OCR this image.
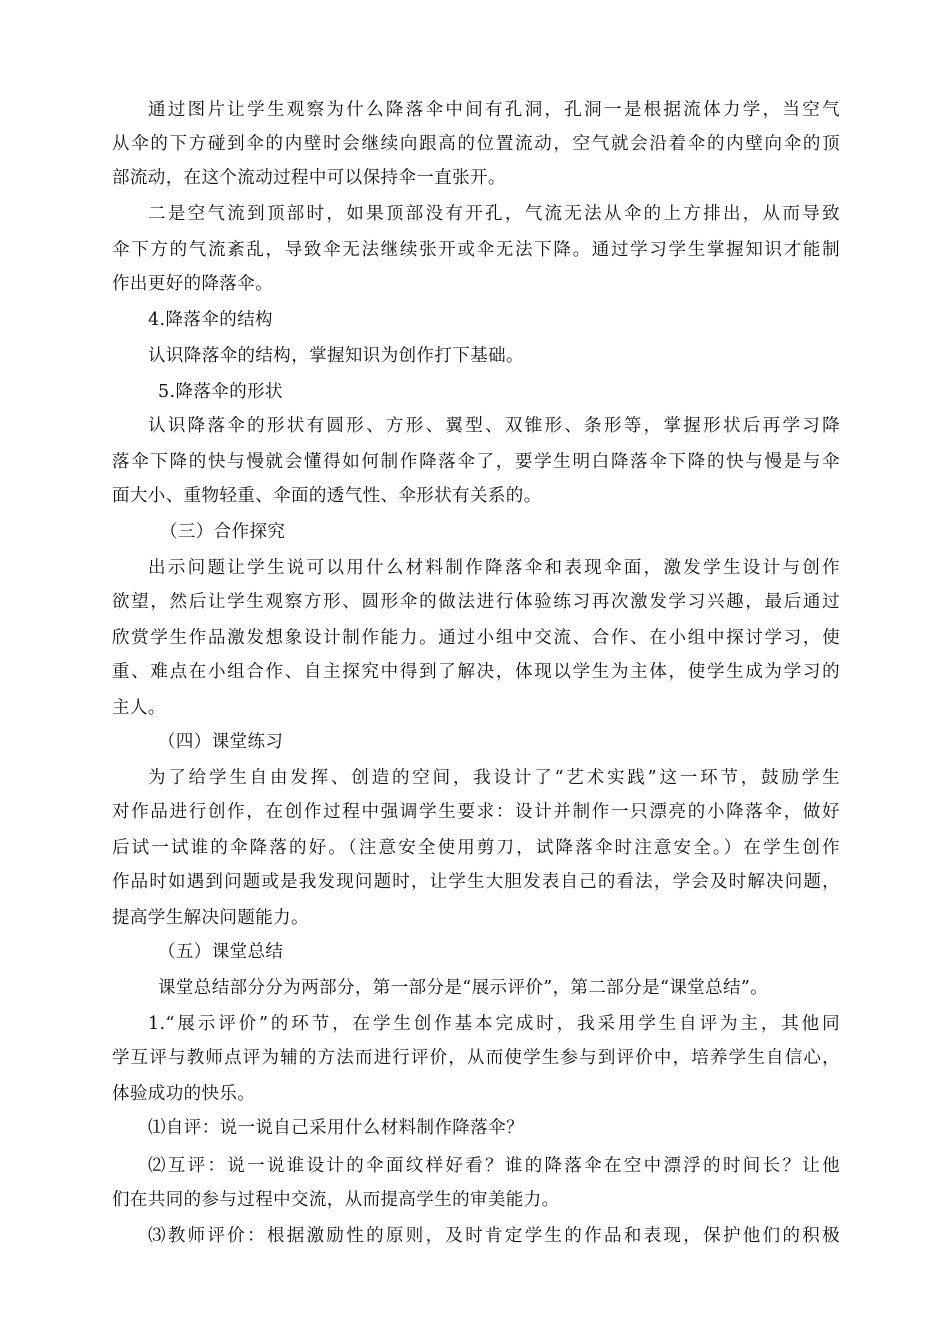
通过图片让学生观察为什么降落伞中间有孔洞，孔洞一是根据流体力学，当空气
从伞的下方碰到伞的内壁时会继续向跟高的位置流动，空气就会沿着伞的内壁向伞的顶
部流动，在这个流动过程中可以保持伞一直张开。
二是空气流到顶部时，如果顶部没有开孔，气流无法从伞的上方排出，从而导致
伞下方的气流紊乱，导致伞无法继续张开或伞无法下降。通过学习学生掌握知识才能制
作出更好的降落伞。
4.降落伞的结构
认识降落伞的结构，掌握知识为创作打下基础。
5.降落伞的形状
认识降落伞的形状有圆形、方形、翼型、双锥形、条形等，掌握形状后再学习降
落伞下降的快与慢就会懂得如何制作降落伞了，要学生明白降落伞下降的快与慢是与伞
面大小、重物轻重、伞面的透气性、伞形状有关系的。
（三）合作探究
出示问题让学生说可以用什么材料制作降落伞和表现伞面，激发学生设计与创作
欲望，然后让学生观察方形、圆形伞的做法进行体验练习再次激发学习兴趣，最后通过
欣赏学生作品激发想象设计制作能力。通过小组中交流、合作、在小组中探讨学习，使
重、难点在小组合作、自主探究中得到了解决，体现以学生为主体，使学生成为学习的
主人。
（四）课堂练习
为了给学生自由发挥、创造的空间，我设计了“艺术实践”这一环节，鼓励学生
对作品进行创作，在创作过程中强调学生要求：设计并制作一只漂亮的小降落伞，做好
后试一试谁的伞降落的好。（注意安全使用剪刀，试降落伞时注意安全。）在学生创作
作品时如遇到问题或是我发现问题时，让学生大胆发表自己的看法，学会及时解决问题，
提高学生解决问题能力。
（五）课堂总结
课堂总结部分分为两部分，第一部分是“展示评价”，第二部分是“课堂总结”。
1.“展示评价”的环节，在学生创作基本完成时，我采用学生自评为主，其他同
学互评与教师点评为辅的方法而进行评价，从而使学生参与到评价中，培养学生自信心，
体验成功的快乐。
⑴自评：说一说自己采用什么材料制作降落伞？
⑵互评：说一说谁设计的伞面纹样好看？谁的降落伞在空中漂浮的时间长？让他
们在共同的参与过程中交流，从而提高学生的审美能力。
⑶教师评价：根据激励性的原则，及时肯定学生的作品和表现，保护他们的积极
